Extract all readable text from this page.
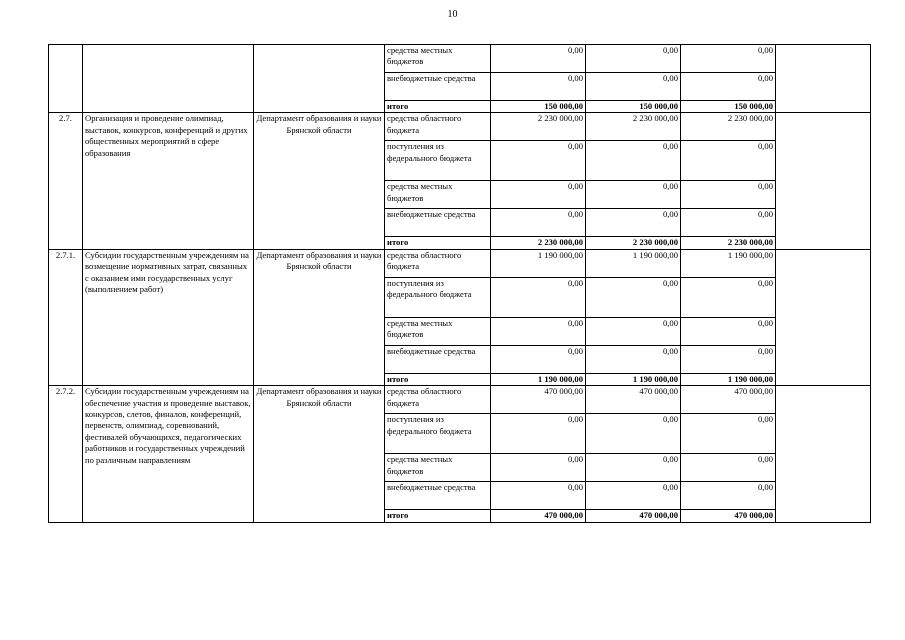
10
			средства местных бюджетов	0,00	0,00	0,00	
			внебюджетные средства	0,00	0,00	0,00	
			итого	150 000,00	150 000,00	150 000,00	
2.7.	Организация и проведение олимпиад, выставок, конкурсов, конференций и других общественных мероприятий в сфере образования	Департамент образования и науки Брянской области	средства областного бюджета	2 230 000,00	2 230 000,00	2 230 000,00	
			поступления из федерального бюджета	0,00	0,00	0,00	
			средства местных бюджетов	0,00	0,00	0,00	
			внебюджетные средства	0,00	0,00	0,00	
			итого	2 230 000,00	2 230 000,00	2 230 000,00	
2.7.1.	Субсидии государственным учреждениям на возмещение нормативных затрат, связанных с оказанием ими государственных услуг (выполнением работ)	Департамент образования и науки Брянской области	средства областного бюджета	1 190 000,00	1 190 000,00	1 190 000,00	
			поступления из федерального бюджета	0,00	0,00	0,00	
			средства местных бюджетов	0,00	0,00	0,00	
			внебюджетные средства	0,00	0,00	0,00	
			итого	1 190 000,00	1 190 000,00	1 190 000,00	
2.7.2.	Субсидии государственным учреждениям на обеспечение участия и проведение выставок, конкурсов, слетов, финалов, конференций, первенств, олимпиад, соревнований, фестивалей обучающихся, педагогических работников и государственных учреждений по различным направлениям	Департамент образования и науки Брянской области	средства областного бюджета	470 000,00	470 000,00	470 000,00	
			поступления из федерального бюджета	0,00	0,00	0,00	
			средства местных бюджетов	0,00	0,00	0,00	
			внебюджетные средства	0,00	0,00	0,00	
			итого	470 000,00	470 000,00	470 000,00	
